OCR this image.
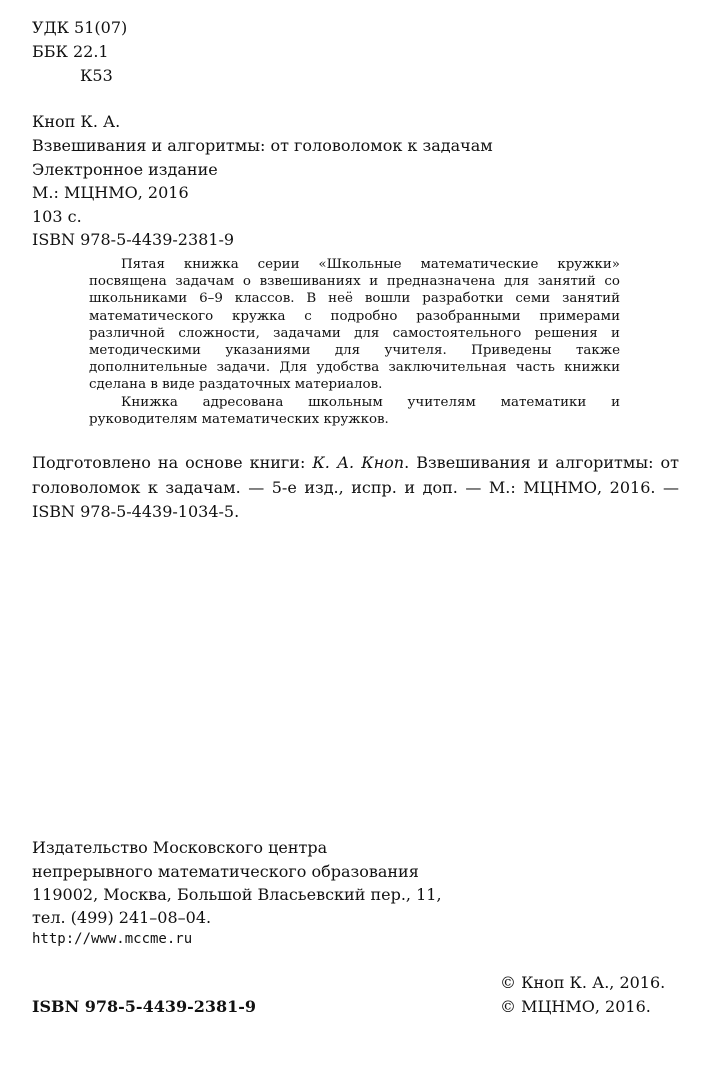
УДК 51(07)
ББК 22.1
К53
Кноп К. А.
Взвешивания и алгоритмы: от головоломок к задачам
Электронное издание
М.: МЦНМО, 2016
103 с.
ISBN 978-5-4439-2381-9

Пятая книжка серии «Школьные математические кружки» посвящена задачам о взвешиваниях и предназначена для занятий со школьниками 6–9 классов. В неё вошли разработки семи занятий математического кружка с подробно разобранными примерами различной сложности, задачами для самостоятельного решения и методическими указаниями для учителя. Приведены также дополнительные задачи. Для удобства заключительная часть книжки сделана в виде раздаточных материалов.

Книжка адресована школьным учителям математики и руководителям математических кружков.

Подготовлено на основе книги: К. А. Кноп. Взвешивания и алгоритмы: от головоломок к задачам. — 5-е изд., испр. и доп. — М.: МЦНМО, 2016. — ISBN 978-5-4439-1034-5.

Издательство Московского центра
непрерывного математического образования
119002, Москва, Большой Власьевский пер., 11,
тел. (499) 241–08–04.
http://www.mccme.ru
© Кноп К. А., 2016.
ISBN 978-5-4439-2381-9	© МЦНМО, 2016.
